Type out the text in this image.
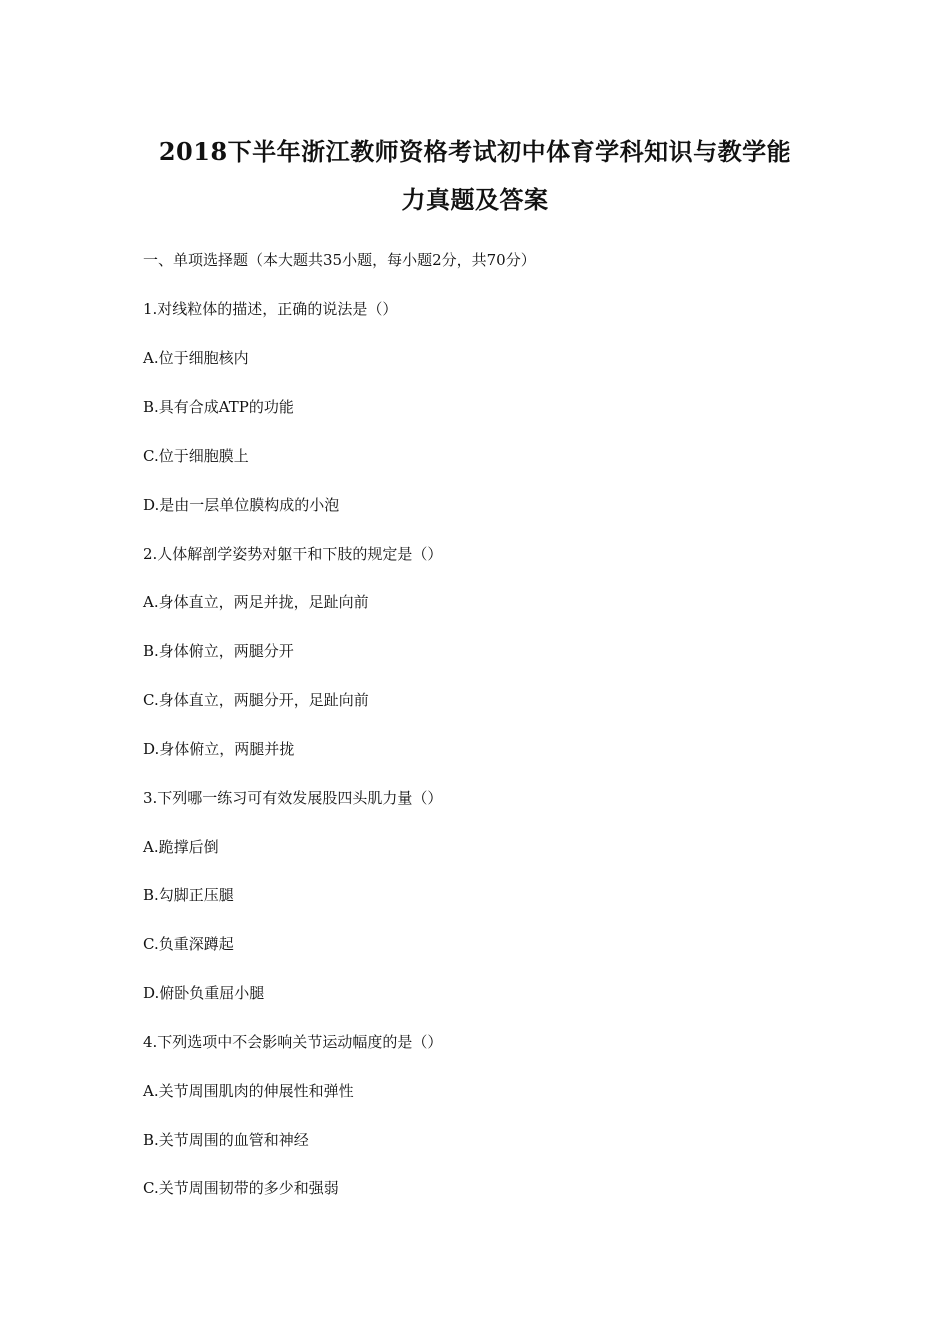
2018下半年浙江教师资格考试初中体育学科知识与教学能
力真题及答案
一、单项选择题（本大题共35小题，每小题2分，共70分）
1.对线粒体的描述，正确的说法是（）
A.位于细胞核内
B.具有合成ATP的功能
C.位于细胞膜上
D.是由一层单位膜构成的小泡
2.人体解剖学姿势对躯干和下肢的规定是（）
A.身体直立，两足并拢，足趾向前
B.身体俯立，两腿分开
C.身体直立，两腿分开，足趾向前
D.身体俯立，两腿并拢
3.下列哪一练习可有效发展股四头肌力量（）
A.跪撑后倒
B.勾脚正压腿
C.负重深蹲起
D.俯卧负重屈小腿
4.下列选项中不会影响关节运动幅度的是（）
A.关节周围肌肉的伸展性和弹性
B.关节周围的血管和神经
C.关节周围韧带的多少和强弱
